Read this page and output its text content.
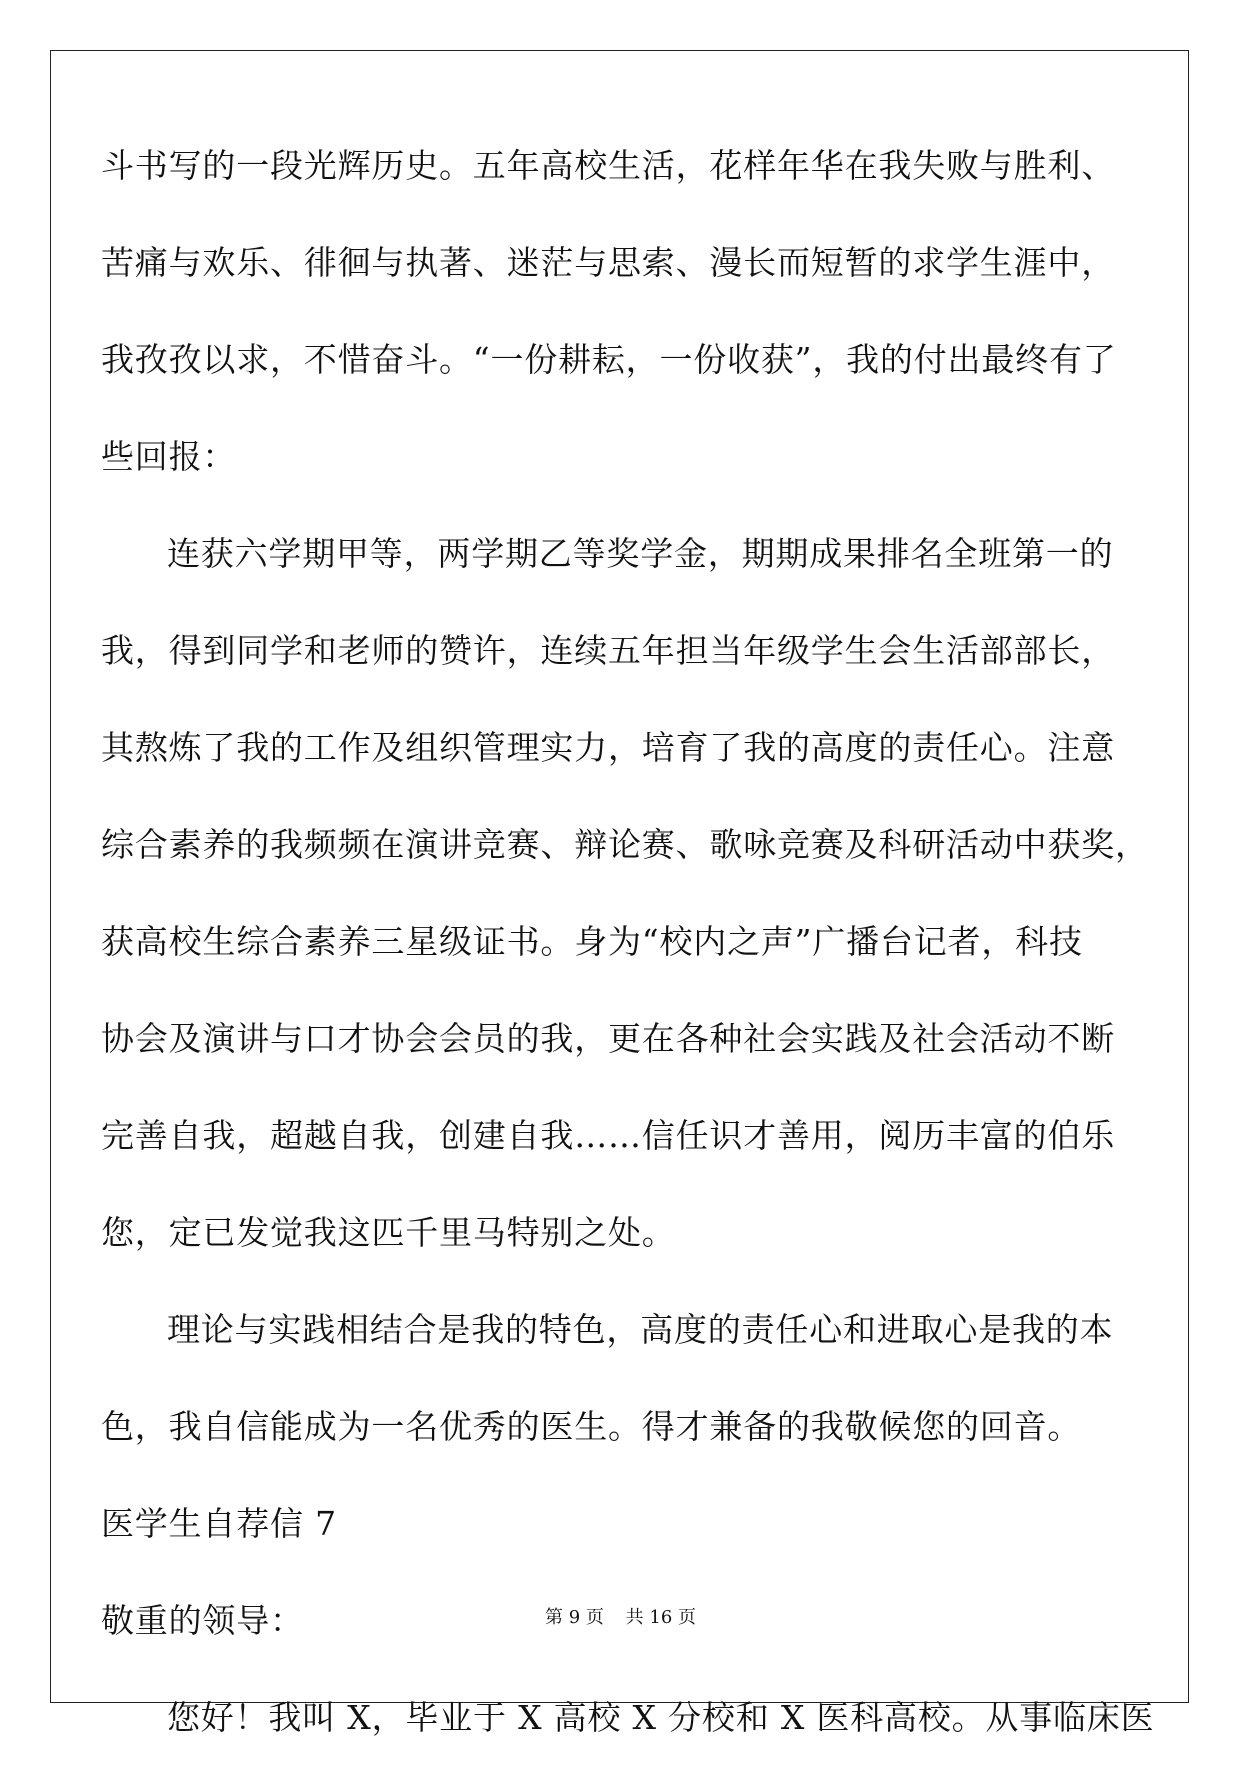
斗书写的一段光辉历史。五年高校生活，花样年华在我失败与胜利、
苦痛与欢乐、徘徊与执著、迷茫与思索、漫长而短暂的求学生涯中，
我孜孜以求，不惜奋斗。“一份耕耘，一份收获”，我的付出最终有了
些回报：
连获六学期甲等，两学期乙等奖学金，期期成果排名全班第一的
我，得到同学和老师的赞许，连续五年担当年级学生会生活部部长，
其熬炼了我的工作及组织管理实力，培育了我的高度的责任心。注意
综合素养的我频频在演讲竞赛、辩论赛、歌咏竞赛及科研活动中获奖，
获高校生综合素养三星级证书。身为“校内之声”广播台记者，科技
协会及演讲与口才协会会员的我，更在各种社会实践及社会活动不断
完善自我，超越自我，创建自我……信任识才善用，阅历丰富的伯乐
您，定已发觉我这匹千里马特别之处。
理论与实践相结合是我的特色，高度的责任心和进取心是我的本
色，我自信能成为一名优秀的医生。得才兼备的我敬候您的回音。
医学生自荐信 7
敬重的领导：
您好！我叫 X，毕业于 X 高校 X 分校和 X 医科高校。从事临床医
第 9 页 共 16 页
